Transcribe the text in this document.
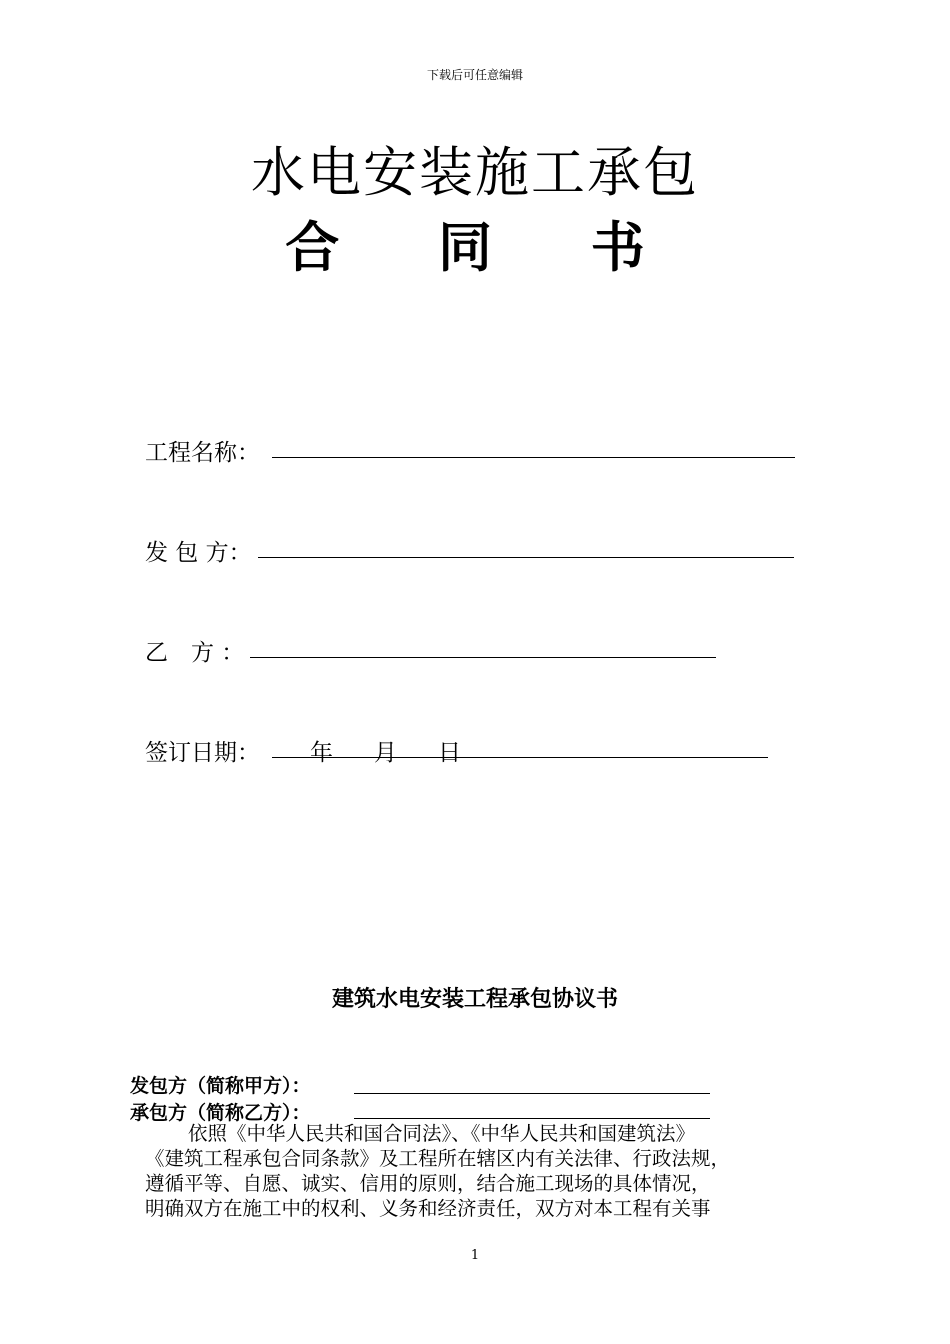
下载后可任意编辑
水电安装施工承包
合 同 书
工程名称：
发 包 方：
乙　方 ：
签订日期： 年 月 日
建筑水电安装工程承包协议书
发包方（简称甲方）：
承包方（简称乙方）：
依照《中华人民共和国合同法》、《中华人民共和国建筑法》
《建筑工程承包合同条款》及工程所在辖区内有关法律、行政法规，
遵循平等、自愿、诚实、信用的原则，结合施工现场的具体情况，
明确双方在施工中的权利、义务和经济责任，双方对本工程有关事
1
